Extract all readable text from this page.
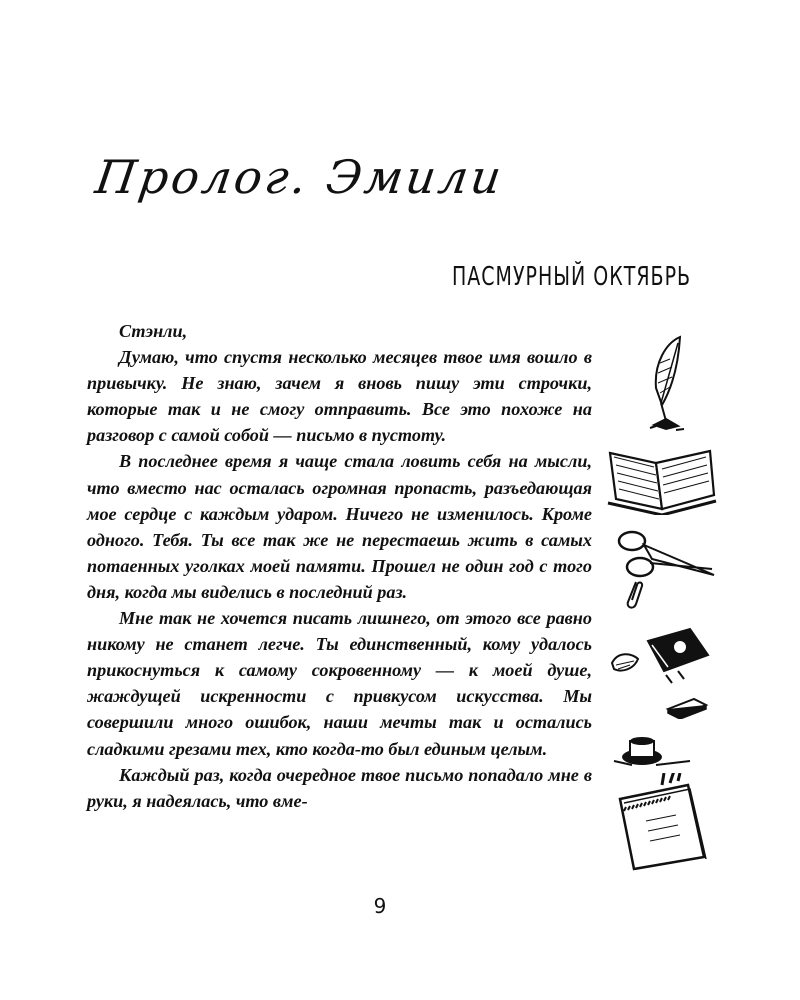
Пролог. Эмили
ПАСМУРНЫЙ ОКТЯБРЬ

Стэнли,

Думаю, что спустя несколько месяцев твое имя вошло в привычку. Не знаю, зачем я вновь пишу эти строчки, которые так и не смогу отправить. Все это похоже на разговор с самой собой — письмо в пустоту.

В последнее время я чаще стала ловить себя на мысли, что вместо нас осталась огромная пропасть, разъедающая мое сердце с каждым ударом. Ничего не изменилось. Кроме одного. Тебя. Ты все так же не перестаешь жить в самых потаенных уголках моей памяти. Прошел не один год с того дня, когда мы виделись в последний раз.

Мне так не хочется писать лишнего, от этого все равно никому не станет легче. Ты единственный, кому удалось прикоснуться к самому сокровенному — к моей душе, жаждущей искренности с привкусом искусства. Мы совершили много ошибок, наши мечты так и остались сладкими грезами тех, кто когда-то был единым целым.

Каждый раз, когда очередное твое письмо попадало мне в руки, я надеялась, что вме-

9
